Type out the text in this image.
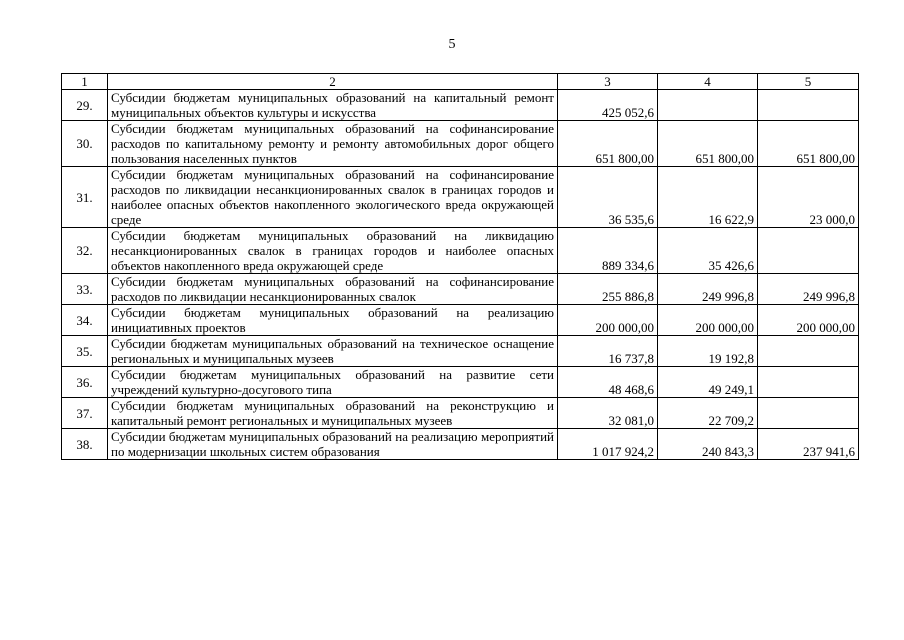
5
1	2	3	4	5
29.	Субсидии бюджетам муниципальных образований на капитальный ремонт муниципальных объектов культуры и искусства	425 052,6		
30.	Субсидии бюджетам муниципальных образований на софинансирование расходов по капитальному ремонту и ремонту автомобильных дорог общего пользования населенных пунктов	651 800,00	651 800,00	651 800,00
31.	Субсидии бюджетам муниципальных образований на софинансирование расходов по ликвидации несанкционированных свалок в границах городов и наиболее опасных объектов накопленного экологического вреда окружающей среде	36 535,6	16 622,9	23 000,0
32.	Субсидии бюджетам муниципальных образований на ликвидацию несанкционированных свалок в границах городов и наиболее опасных объектов накопленного вреда окружающей среде	889 334,6	35 426,6	
33.	Субсидии бюджетам муниципальных образований на софинансирование расходов по ликвидации несанкционированных свалок	255 886,8	249 996,8	249 996,8
34.	Субсидии бюджетам муниципальных образований на реализацию инициативных проектов	200 000,00	200 000,00	200 000,00
35.	Субсидии бюджетам муниципальных образований на техническое оснащение региональных и муниципальных музеев	16 737,8	19 192,8	
36.	Субсидии бюджетам муниципальных образований на развитие сети учреждений культурно-досугового типа	48 468,6	49 249,1	
37.	Субсидии бюджетам муниципальных образований на реконструкцию и капитальный ремонт региональных и муниципальных музеев	32 081,0	22 709,2	
38.	Субсидии бюджетам муниципальных образований на реализацию мероприятий по модернизации школьных систем образования	1 017 924,2	240 843,3	237 941,6
